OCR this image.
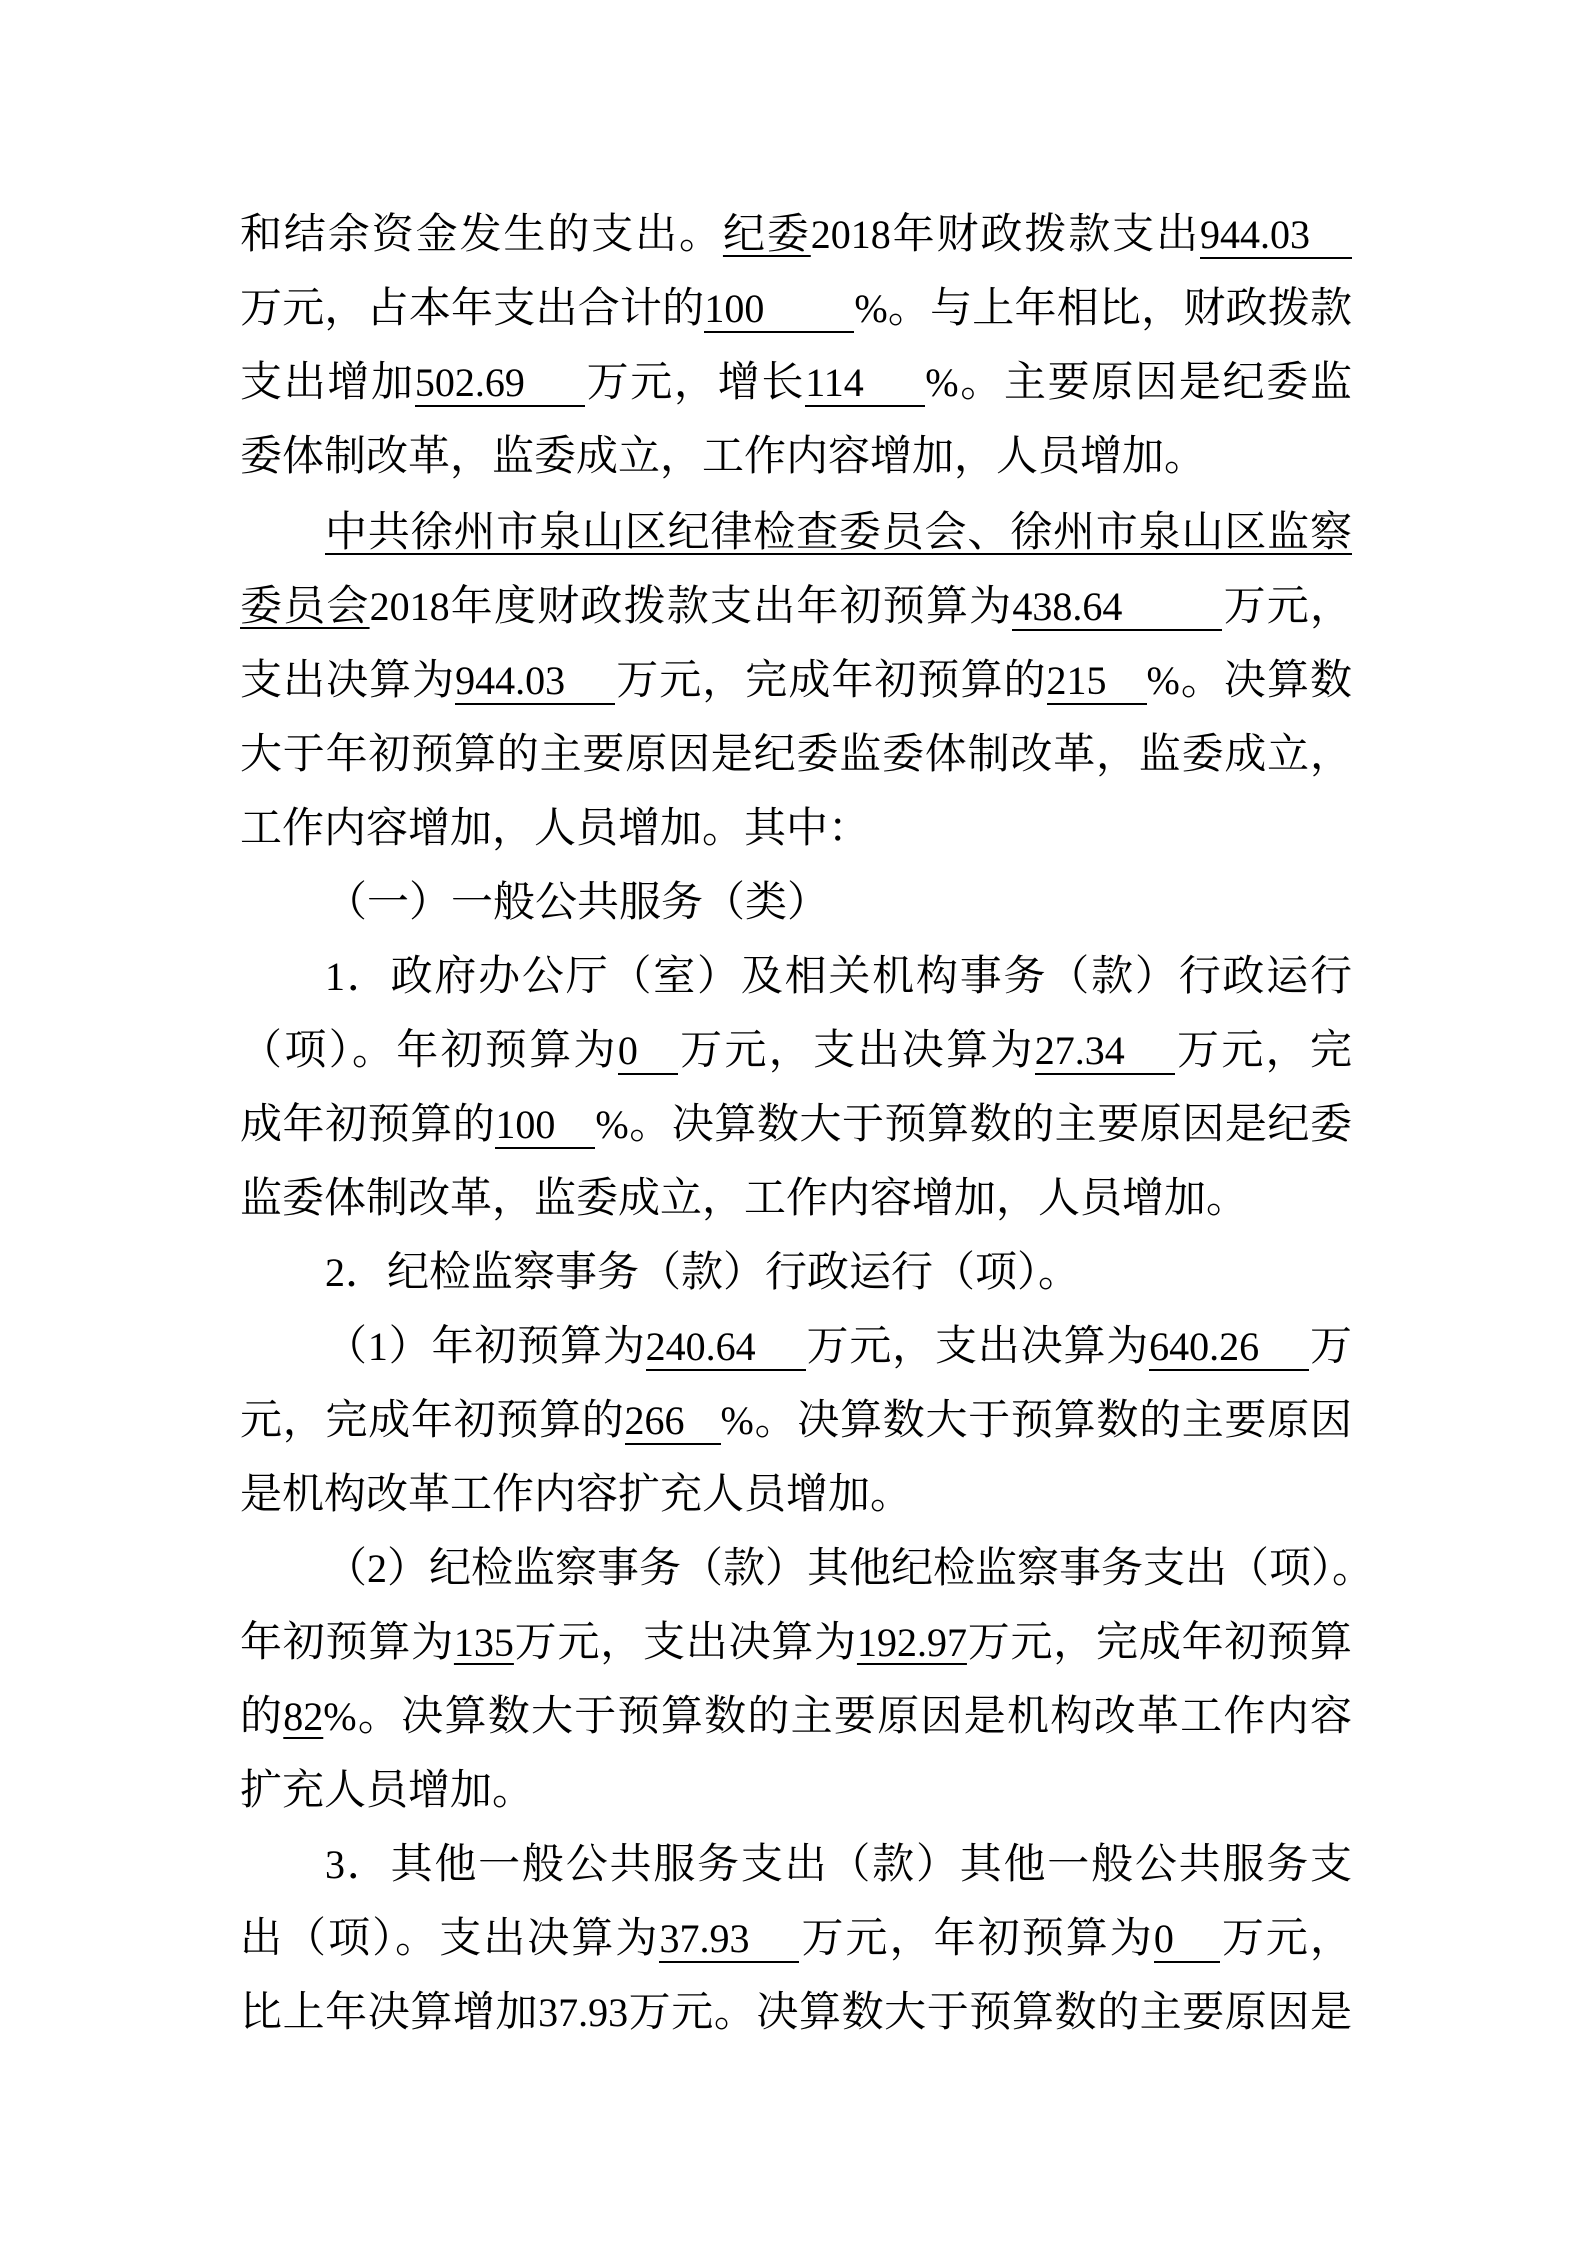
和结余资金发生的支出。纪委2018年财政拨款支出944.03
万元，占本年支出合计的100 %。与上年相比，财政拨款
支出增加502.69 万元，增长114 %。主要原因是纪委监
委体制改革，监委成立，工作内容增加，人员增加。
中共徐州市泉山区纪律检查委员会、徐州市泉山区监察
委员会2018年度财政拨款支出年初预算为438.64 万元，
支出决算为944.03 万元，完成年初预算的215 %。决算数
大于年初预算的主要原因是纪委监委体制改革，监委成立，
工作内容增加，人员增加。其中：
（一）一般公共服务（类）
1．政府办公厅（室）及相关机构事务（款）行政运行
（项）。年初预算为0 万元，支出决算为27.34 万元，完
成年初预算的100 %。决算数大于预算数的主要原因是纪委
监委体制改革，监委成立，工作内容增加，人员增加。
2．纪检监察事务（款）行政运行（项）。
（1）年初预算为240.64 万元，支出决算为640.26 万
元，完成年初预算的266 %。决算数大于预算数的主要原因
是机构改革工作内容扩充人员增加。
（2）纪检监察事务（款）其他纪检监察事务支出（项）。
年初预算为135万元，支出决算为192.97万元，完成年初预算
的82%。决算数大于预算数的主要原因是机构改革工作内容
扩充人员增加。
3．其他一般公共服务支出（款）其他一般公共服务支
出（项）。支出决算为37.93 万元，年初预算为0 万元，
比上年决算增加37.93万元。决算数大于预算数的主要原因是
